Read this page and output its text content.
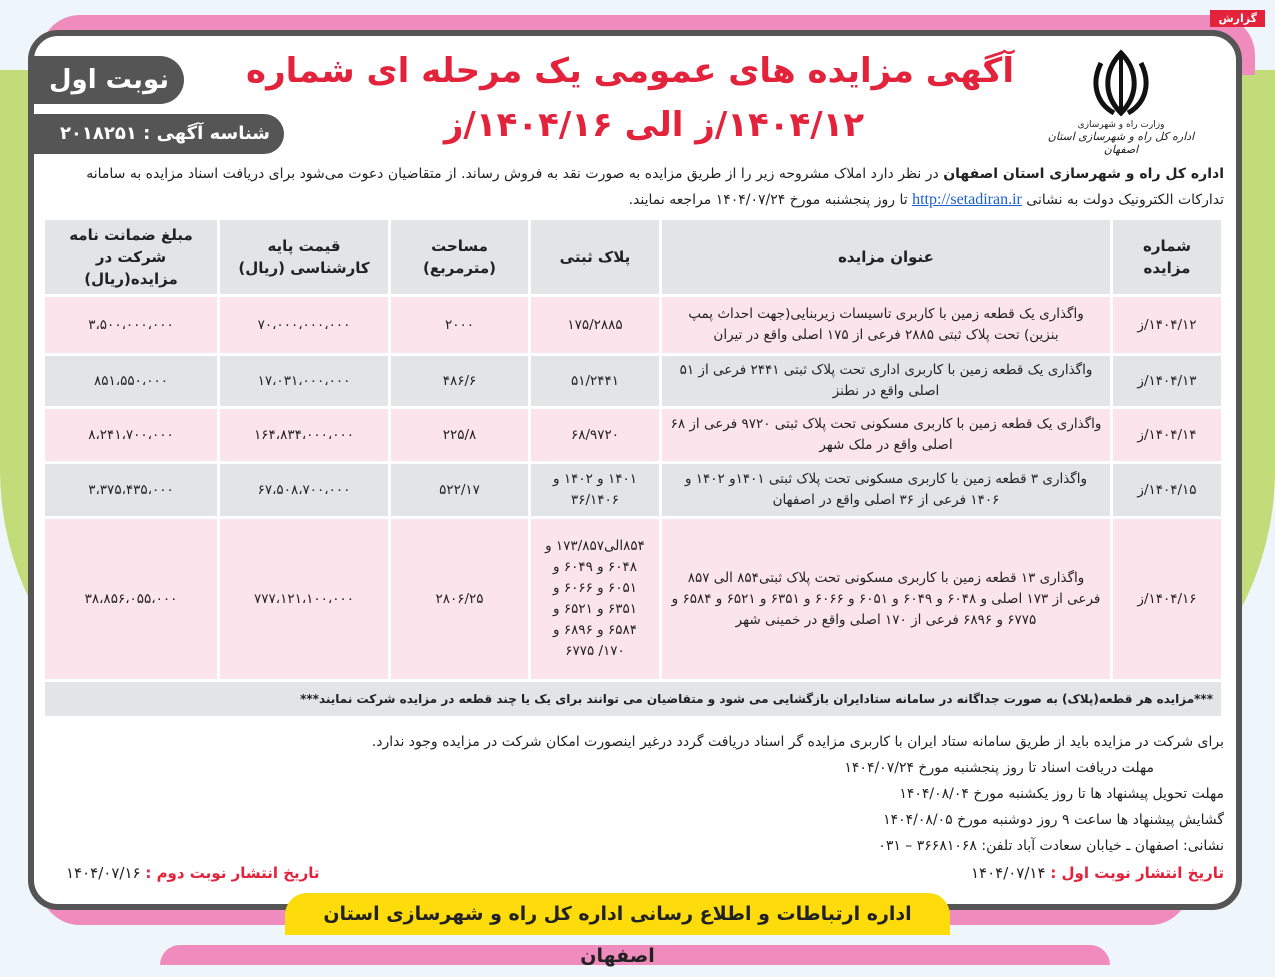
گزارش
وزارت راه و شهرسازی
اداره کل راه و شهرسازی استان اصفهان
آگهی مزایده های عمومی یک مرحله ای شماره
۱۴۰۴/۱۲/ز الی ۱۴۰۴/۱۶/ز
نوبت اول
شناسه آگهی : ۲۰۱۸۲۵۱
اداره کل راه و شهرسازی استان اصفهان در نظر دارد املاک مشروحه زیر را از طریق مزایده به صورت نقد به فروش رساند. از متقاضیان دعوت می‌شود برای دریافت اسناد مزایده به سامانه تدارکات الکترونیک دولت به نشانی http://setadiran.ir تا روز پنجشنبه مورخ ۱۴۰۴/۰۷/۲۴ مراجعه نمایند.
شماره مزایده	عنوان مزایده	پلاک ثبتی	مساحت (مترمربع)	قیمت پایه کارشناسی (ریال)	مبلغ ضمانت نامه شرکت در مزایده(ریال)
۱۴۰۴/۱۲/ز	واگذاری یک قطعه زمین با کاربری تاسیسات زیربنایی(جهت احداث پمپ بنزین) تحت پلاک ثبتی ۲۸۸۵ فرعی از ۱۷۵ اصلی واقع در تیران	۱۷۵/۲۸۸۵	۲۰۰۰	۷۰،۰۰۰،۰۰۰،۰۰۰	۳،۵۰۰،۰۰۰،۰۰۰
۱۴۰۴/۱۳/ز	واگذاری یک قطعه زمین با کاربری اداری تحت پلاک ثبتی ۲۴۴۱ فرعی از ۵۱ اصلی واقع در نطنز	۵۱/۲۴۴۱	۴۸۶/۶	۱۷،۰۳۱،۰۰۰،۰۰۰	۸۵۱،۵۵۰،۰۰۰
۱۴۰۴/۱۴/ز	واگذاری یک قطعه زمین با کاربری مسکونی تحت پلاک ثبتی ۹۷۲۰ فرعی از ۶۸ اصلی واقع در ملک شهر	۶۸/۹۷۲۰	۲۲۵/۸	۱۶۴،۸۳۴،۰۰۰،۰۰۰	۸،۲۴۱،۷۰۰،۰۰۰
۱۴۰۴/۱۵/ز	واگذاری ۳ قطعه زمین با کاربری مسکونی تحت پلاک ثبتی ۱۴۰۱و ۱۴۰۲ و ۱۴۰۶ فرعی از ۳۶ اصلی واقع در اصفهان	۱۴۰۱ و ۱۴۰۲ و ۳۶/۱۴۰۶	۵۲۲/۱۷	۶۷،۵۰۸،۷۰۰،۰۰۰	۳،۳۷۵،۴۳۵،۰۰۰
۱۴۰۴/۱۶/ز	واگذاری ۱۳ قطعه زمین با کاربری مسکونی تحت پلاک ثبتی۸۵۴ الی ۸۵۷ فرعی از ۱۷۳ اصلی و ۶۰۴۸ و ۶۰۴۹ و ۶۰۵۱ و ۶۰۶۶ و ۶۳۵۱ و ۶۵۲۱ و ۶۵۸۴ و ۶۷۷۵ و ۶۸۹۶ فرعی از ۱۷۰ اصلی واقع در خمینی شهر	۸۵۴الی۱۷۳/۸۵۷ و ۶۰۴۸ و ۶۰۴۹ و ۶۰۵۱ و ۶۰۶۶ و ۶۳۵۱ و ۶۵۲۱ و ۶۵۸۴ و ۶۸۹۶ و ۱۷۰/ ۶۷۷۵	۲۸۰۶/۲۵	۷۷۷،۱۲۱،۱۰۰،۰۰۰	۳۸،۸۵۶،۰۵۵،۰۰۰
***مزایده هر قطعه(پلاک) به صورت جداگانه در سامانه ستادایران بازگشایی می شود و متقاضیان می توانند برای یک یا چند قطعه در مزایده شرکت نمایند***					
برای شرکت در مزایده باید از طریق سامانه ستاد ایران با کاربری مزایده گر اسناد دریافت گردد درغیر اینصورت امکان شرکت در مزایده وجود ندارد.
مهلت دریافت اسناد تا روز پنجشنبه مورخ ۱۴۰۴/۰۷/۲۴
مهلت تحویل پیشنهاد ها تا روز یکشنبه مورخ ۱۴۰۴/۰۸/۰۴
گشایش پیشنهاد ها ساعت ۹ روز دوشنبه مورخ ۱۴۰۴/۰۸/۰۵
نشانی: اصفهان ـ خیابان سعادت آباد تلفن: ۳۶۶۸۱۰۶۸ – ۰۳۱
تاریخ انتشار نوبت اول : ۱۴۰۴/۰۷/۱۴
تاریخ انتشار نوبت دوم : ۱۴۰۴/۰۷/۱۶
اداره ارتباطات و اطلاع رسانی اداره کل راه و شهرسازی استان اصفهان
